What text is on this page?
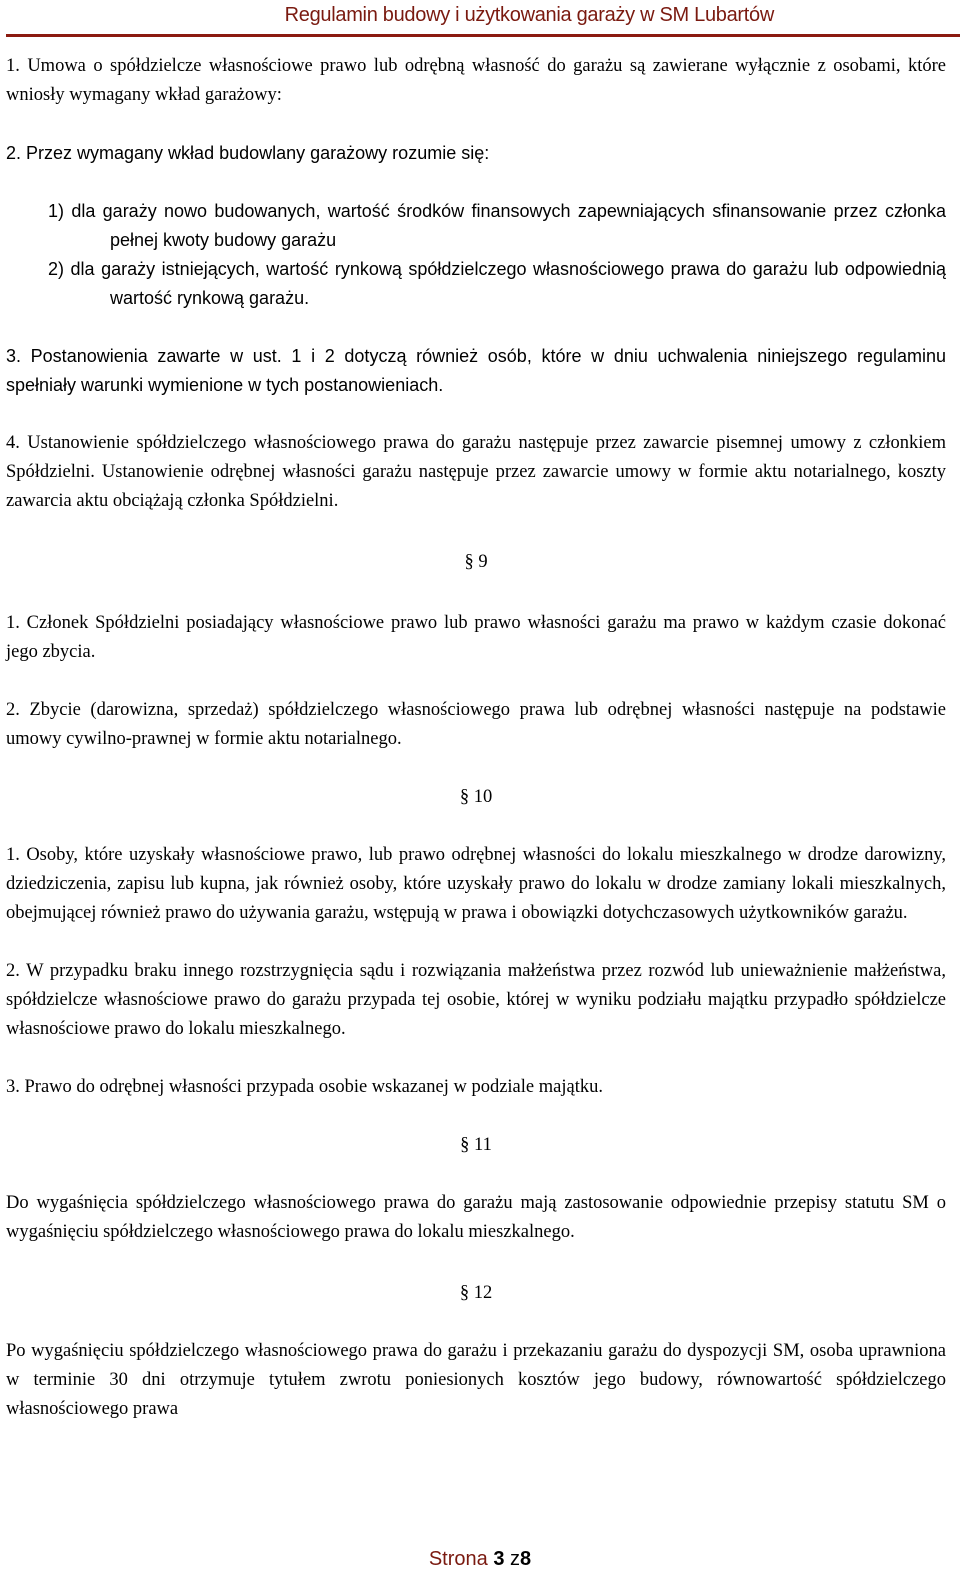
Regulamin budowy i użytkowania garaży w SM Lubartów

1. Umowa o spółdzielcze własnościowe prawo lub odrębną własność do garażu są zawierane wyłącznie z osobami, które wniosły wymagany wkład garażowy:

2. Przez wymagany wkład budowlany garażowy rozumie się:

1) dla garaży nowo budowanych, wartość środków finansowych zapewniających sfinansowanie przez członka pełnej kwoty budowy garażu

2) dla garaży istniejących, wartość rynkową spółdzielczego własnościowego prawa do garażu lub odpowiednią wartość rynkową garażu.

3. Postanowienia zawarte w ust. 1 i 2 dotyczą również osób, które w dniu uchwalenia niniejszego regulaminu spełniały warunki wymienione w tych postanowieniach.

4. Ustanowienie spółdzielczego własnościowego prawa do garażu następuje przez zawarcie pisemnej umowy z członkiem Spółdzielni. Ustanowienie odrębnej własności garażu następuje przez zawarcie umowy w formie aktu notarialnego, koszty zawarcia aktu obciążają członka Spółdzielni.

§ 9

1. Członek Spółdzielni posiadający własnościowe prawo lub prawo własności garażu ma prawo w każdym czasie dokonać jego zbycia.

2. Zbycie (darowizna, sprzedaż) spółdzielczego własnościowego prawa lub odrębnej własności następuje na podstawie umowy cywilno-prawnej w formie aktu notarialnego.

§ 10

1. Osoby, które uzyskały własnościowe prawo, lub prawo odrębnej własności do lokalu mieszkalnego w drodze darowizny, dziedziczenia, zapisu lub kupna, jak również osoby, które uzyskały prawo do lokalu w drodze zamiany lokali mieszkalnych, obejmującej również prawo do używania garażu, wstępują w prawa i obowiązki dotychczasowych użytkowników garażu.

2. W przypadku braku innego rozstrzygnięcia sądu i rozwiązania małżeństwa przez rozwód lub unieważnienie małżeństwa, spółdzielcze własnościowe prawo do garażu przypada tej osobie, której w wyniku podziału majątku przypadło spółdzielcze własnościowe prawo do lokalu mieszkalnego.

3. Prawo do odrębnej własności przypada osobie wskazanej w podziale majątku.

§ 11

Do wygaśnięcia spółdzielczego własnościowego prawa do garażu mają zastosowanie odpowiednie przepisy statutu SM o wygaśnięciu spółdzielczego własnościowego prawa do lokalu mieszkalnego.

§ 12

Po wygaśnięciu spółdzielczego własnościowego prawa do garażu i przekazaniu garażu do dyspozycji SM, osoba uprawniona w terminie 30 dni otrzymuje tytułem zwrotu poniesionych kosztów jego budowy, równowartość spółdzielczego własnościowego prawa

Strona 3 z8
